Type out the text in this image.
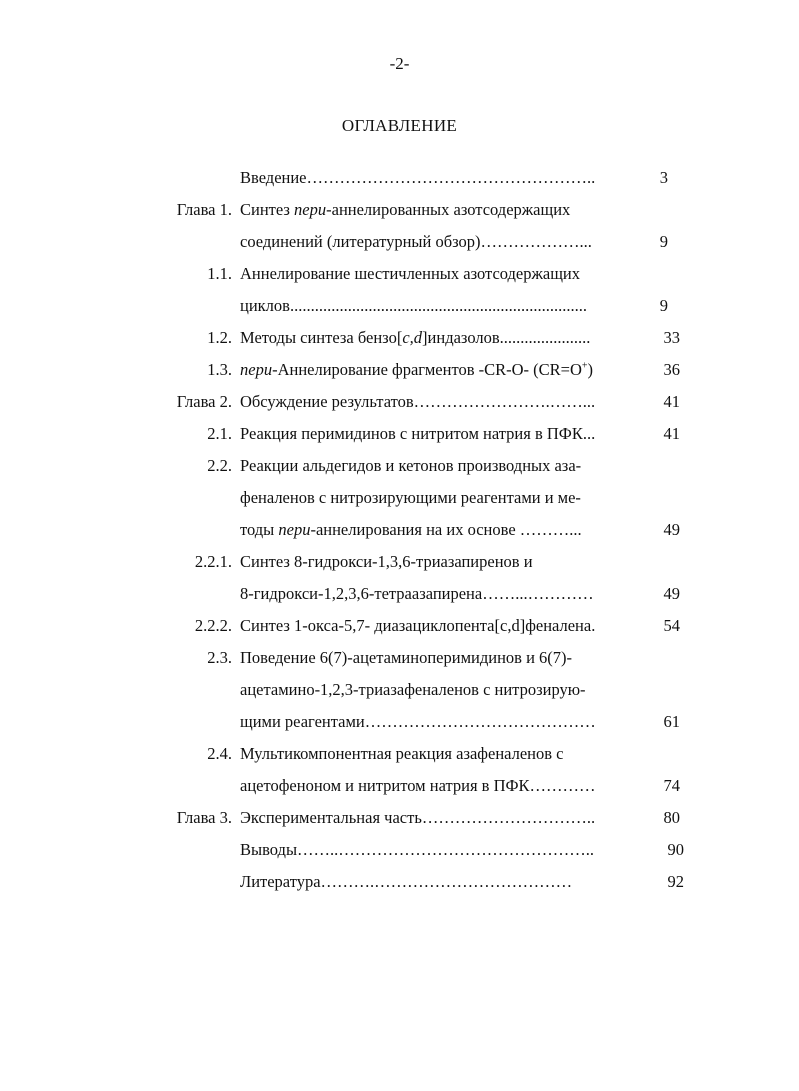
-2-
ОГЛАВЛЕНИЕ
Введение……………………………………………..	3
Глава 1. Синтез пери-аннелированных азотсодержащих
соединений (литературный обзор)………………...	9
1.1. Аннелирование шестичленных азотсодержащих
циклов........................................................................	9
1.2. Методы синтеза бензо[c,d]индазолов......................	33
1.3. пери-Аннелирование фрагментов -CR-O- (CR=O+)	36
Глава 2. Обсуждение результатов…………………….……...	41
2.1. Реакция перимидинов с нитритом натрия в ПФК...	41
2.2. Реакции альдегидов и кетонов производных аза-
феналенов с нитрозирующими реагентами и ме-
тоды пери-аннелирования на их основе ………...	49
2.2.1. Синтез 8-гидрокси-1,3,6-триазапиренов и
8-гидрокси-1,2,3,6-тетраазапирена……...…………	49
2.2.2. Синтез 1-окса-5,7- диазациклопента[c,d]феналена.	54
2.3. Поведение 6(7)-ацетаминоперимидинов и 6(7)-
ацетамино-1,2,3-триазафеналенов с нитрозирую-
щими реагентами……………………………………	61
2.4. Мультикомпонентная реакция азафеналенов с
ацетофеноном и нитритом натрия в ПФК…………	74
Глава 3. Экспериментальная часть…………………………..	80
Выводы……..………………………………………..	90
Литература……….………………………………	92
